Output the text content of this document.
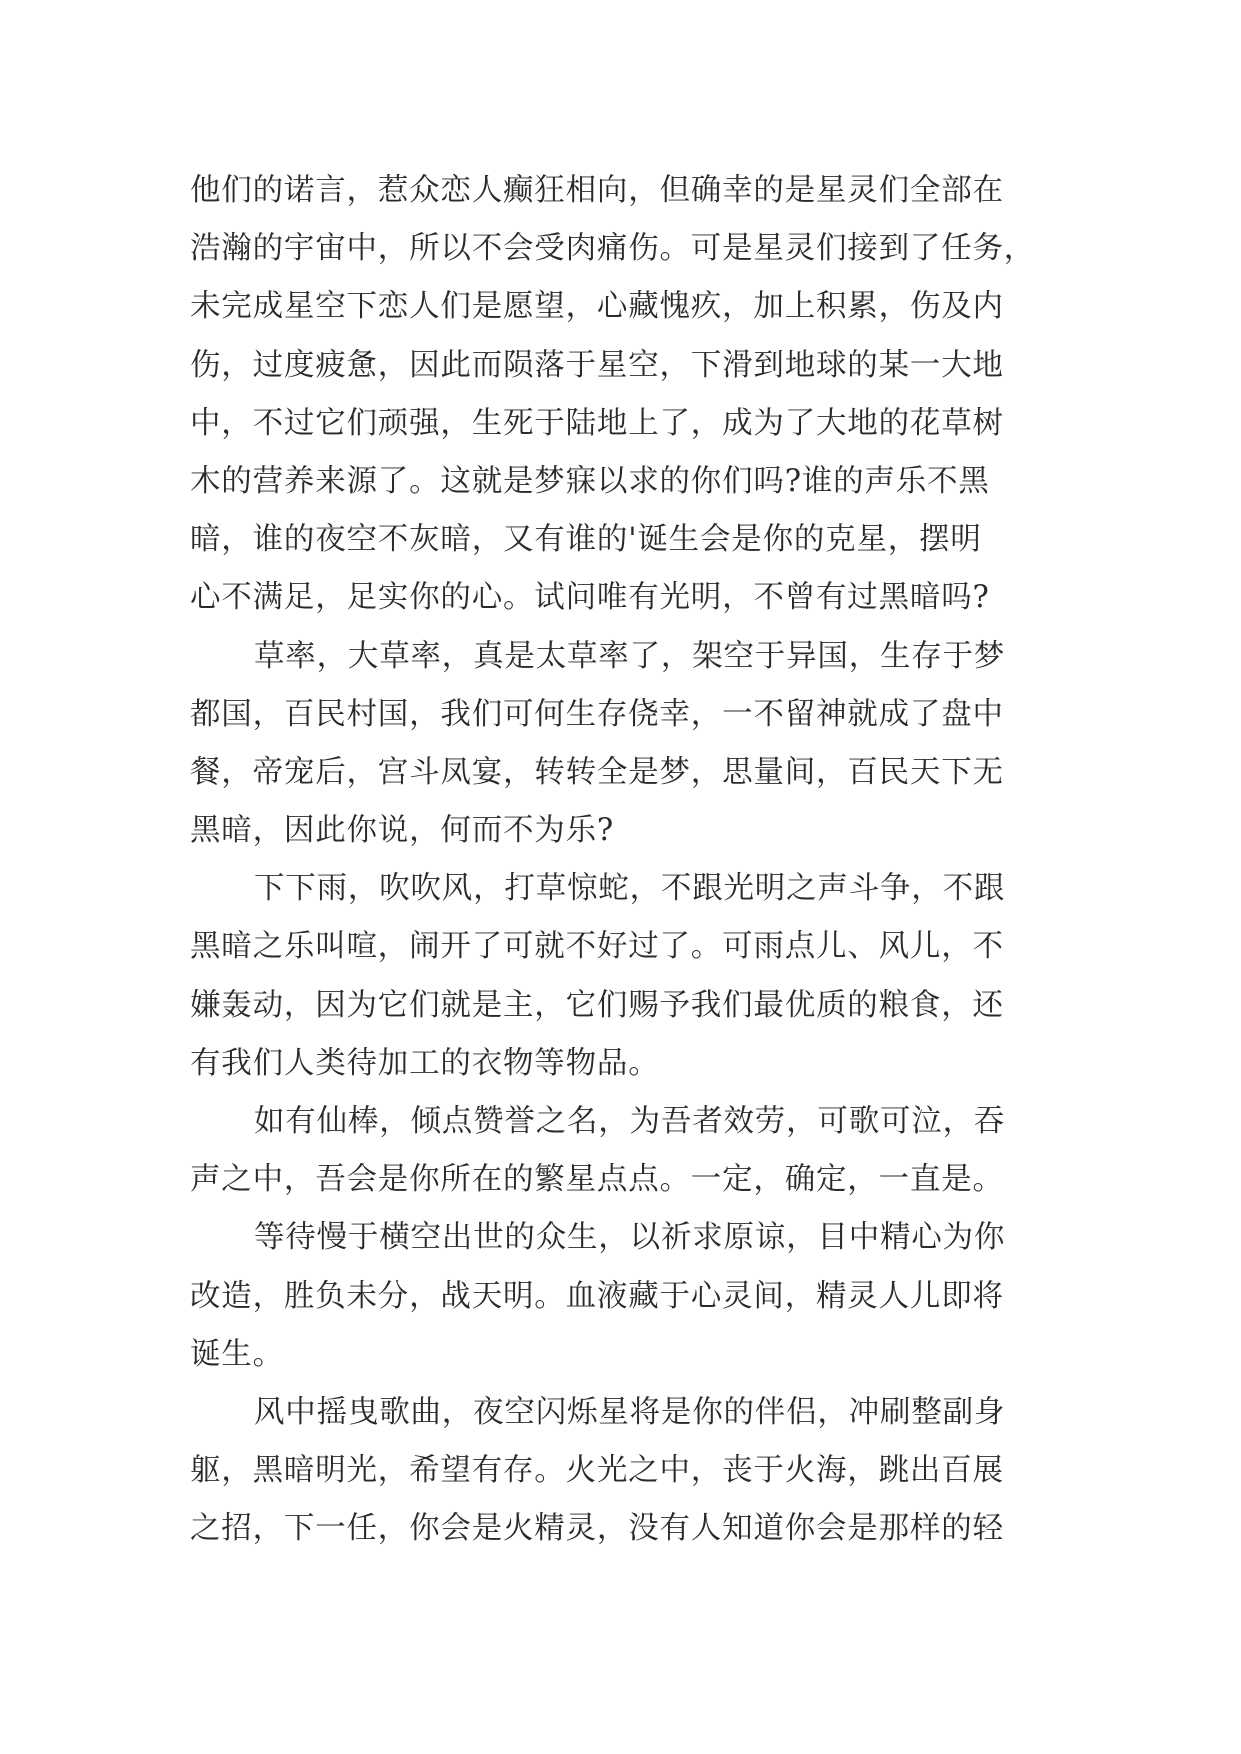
他们的诺言，惹众恋人癫狂相向，但确幸的是星灵们全部在
浩瀚的宇宙中，所以不会受肉痛伤。可是星灵们接到了任务，
未完成星空下恋人们是愿望，心藏愧疚，加上积累，伤及内
伤，过度疲惫，因此而陨落于星空，下滑到地球的某一大地
中，不过它们顽强，生死于陆地上了，成为了大地的花草树
木的营养来源了。这就是梦寐以求的你们吗?谁的声乐不黑
暗，谁的夜空不灰暗，又有谁的'诞生会是你的克星，摆明
心不满足，足实你的心。试问唯有光明，不曾有过黑暗吗?
草率，大草率，真是太草率了，架空于异国，生存于梦
都国，百民村国，我们可何生存侥幸，一不留神就成了盘中
餐，帝宠后，宫斗凤宴，转转全是梦，思量间，百民天下无
黑暗，因此你说，何而不为乐?
下下雨，吹吹风，打草惊蛇，不跟光明之声斗争，不跟
黑暗之乐叫喧，闹开了可就不好过了。可雨点儿、风儿，不
嫌轰动，因为它们就是主，它们赐予我们最优质的粮食，还
有我们人类待加工的衣物等物品。
如有仙棒，倾点赞誉之名，为吾者效劳，可歌可泣，吞
声之中，吾会是你所在的繁星点点。一定，确定，一直是。
等待慢于横空出世的众生，以祈求原谅，目中精心为你
改造，胜负未分，战天明。血液藏于心灵间，精灵人儿即将
诞生。
风中摇曳歌曲，夜空闪烁星将是你的伴侣，冲刷整副身
躯，黑暗明光，希望有存。火光之中，丧于火海，跳出百展
之招，下一任，你会是火精灵，没有人知道你会是那样的轻
